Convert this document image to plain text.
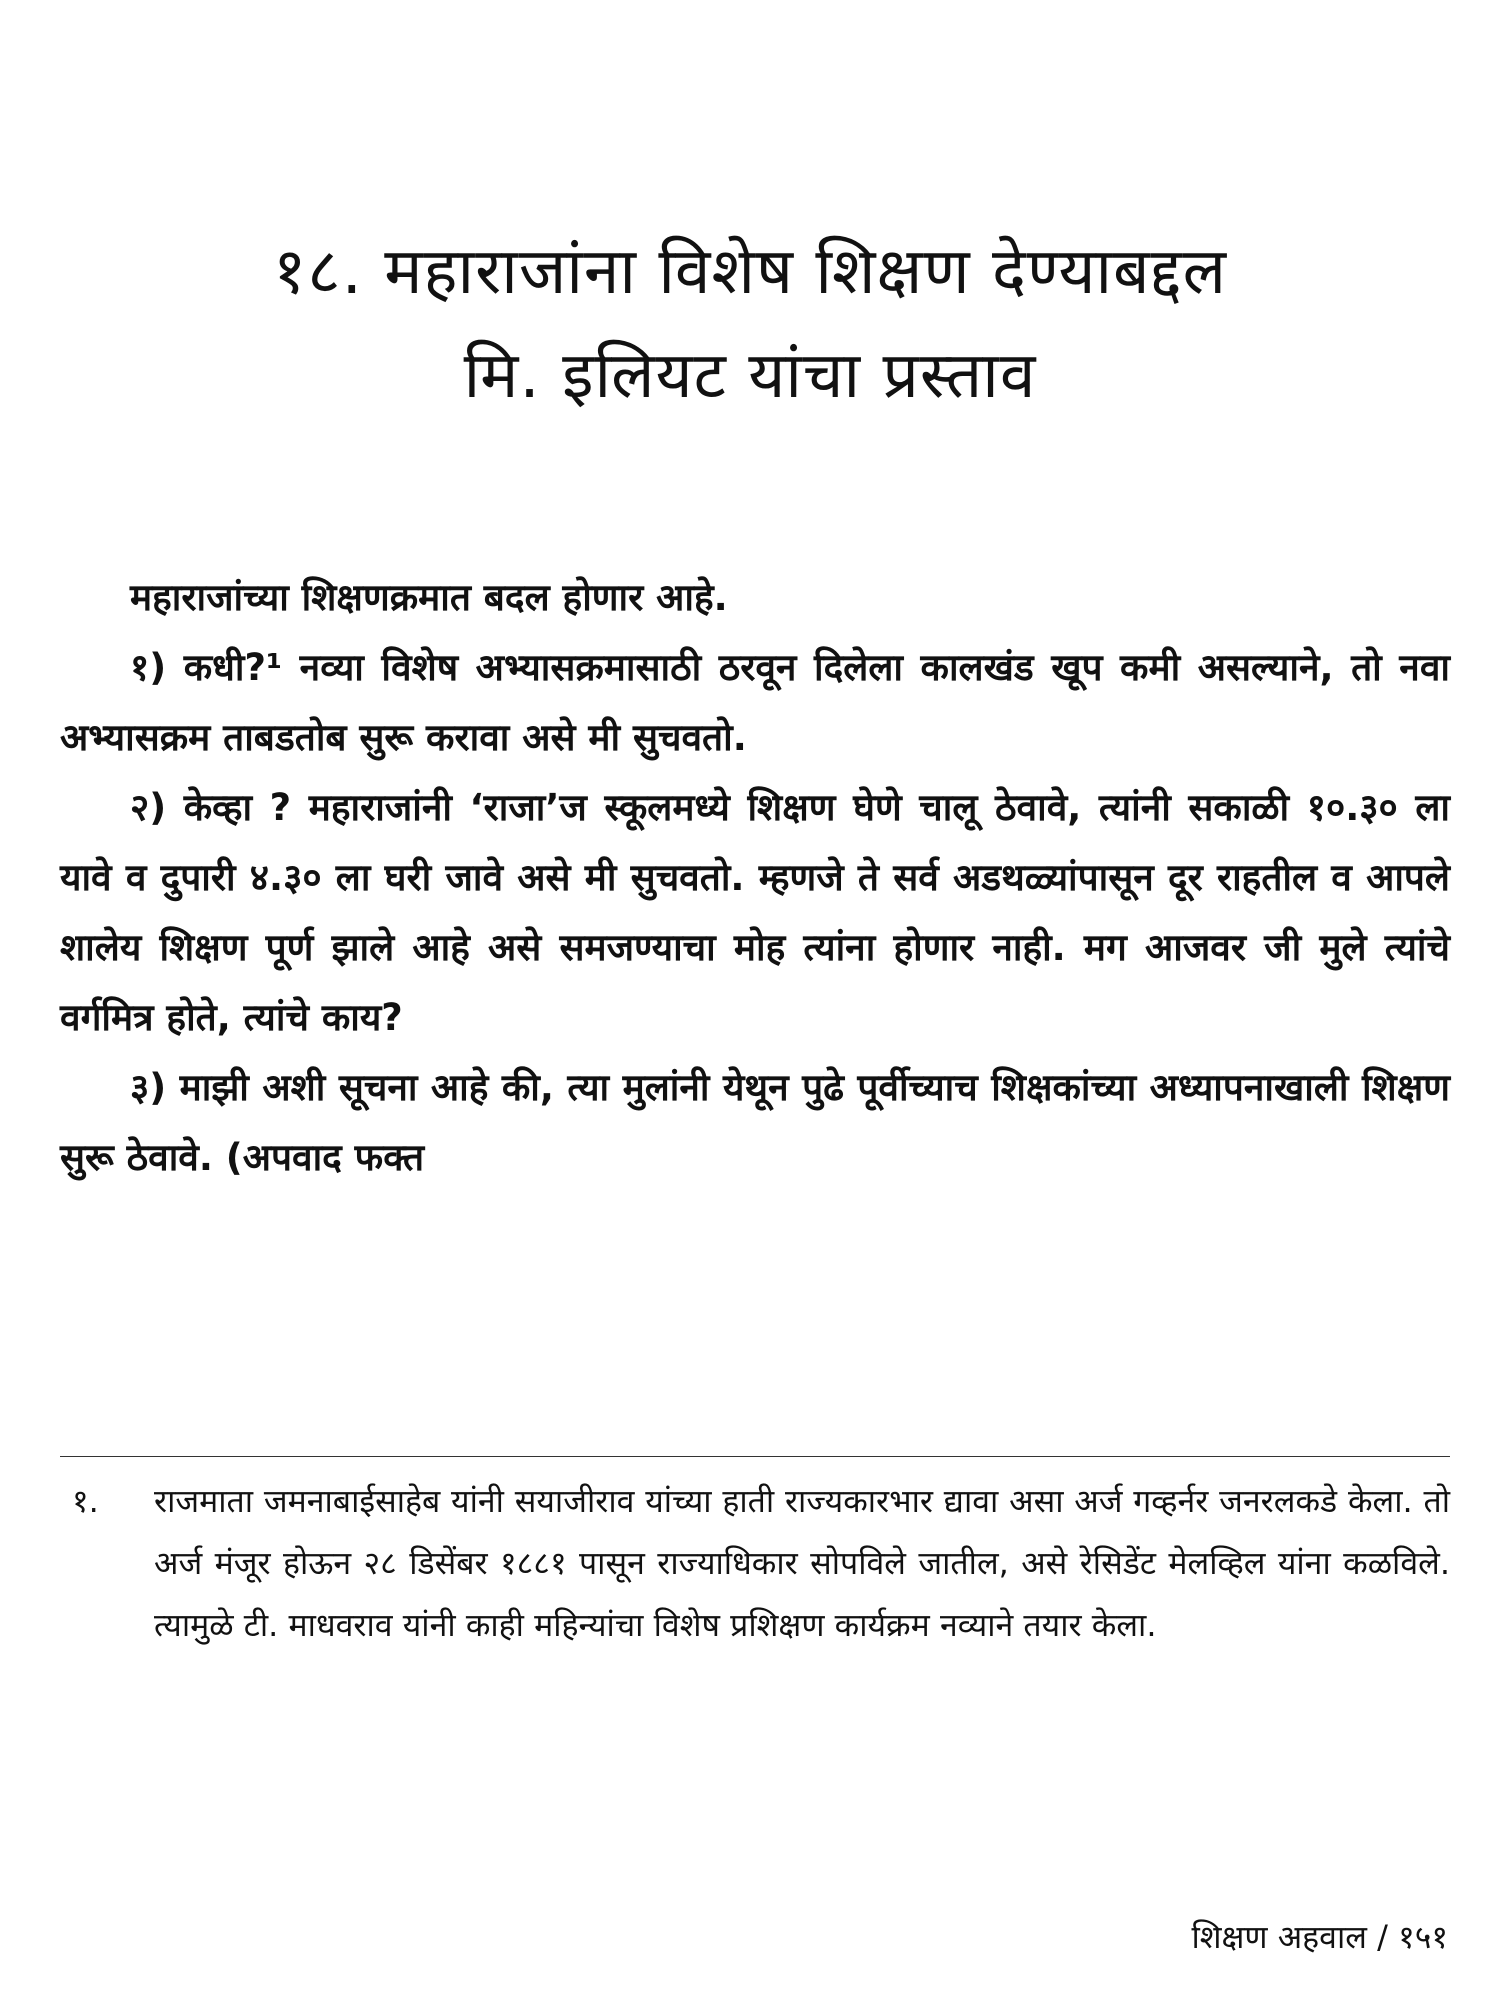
१८. महाराजांना विशेष शिक्षण देण्याबद्दल
मि. इलियट यांचा प्रस्ताव

महाराजांच्या शिक्षणक्रमात बदल होणार आहे.

१) कधी?¹ नव्या विशेष अभ्यासक्रमासाठी ठरवून दिलेला कालखंड खूप कमी असल्याने, तो नवा अभ्यासक्रम ताबडतोब सुरू करावा असे मी सुचवतो.

२) केव्हा ? महाराजांनी ‘राजा’ज स्कूलमध्ये शिक्षण घेणे चालू ठेवावे, त्यांनी सकाळी १०.३० ला यावे व दुपारी ४.३० ला घरी जावे असे मी सुचवतो. म्हणजे ते सर्व अडथळ्यांपासून दूर राहतील व आपले शालेय शिक्षण पूर्ण झाले आहे असे समजण्याचा मोह त्यांना होणार नाही. मग आजवर जी मुले त्यांचे वर्गमित्र होते, त्यांचे काय?

३) माझी अशी सूचना आहे की, त्या मुलांनी येथून पुढे पूर्वीच्याच शिक्षकांच्या अध्यापनाखाली शिक्षण सुरू ठेवावे. (अपवाद फक्त

१.	राजमाता जमनाबाईसाहेब यांनी सयाजीराव यांच्या हाती राज्यकारभार द्यावा असा अर्ज गव्हर्नर जनरलकडे केला. तो अर्ज मंजूर होऊन २८ डिसेंबर १८८१ पासून राज्याधिकार सोपविले जातील, असे रेसिडेंट मेलव्हिल यांना कळविले. त्यामुळे टी. माधवराव यांनी काही महिन्यांचा विशेष प्रशिक्षण कार्यक्रम नव्याने तयार केला.
शिक्षण अहवाल / १५१
